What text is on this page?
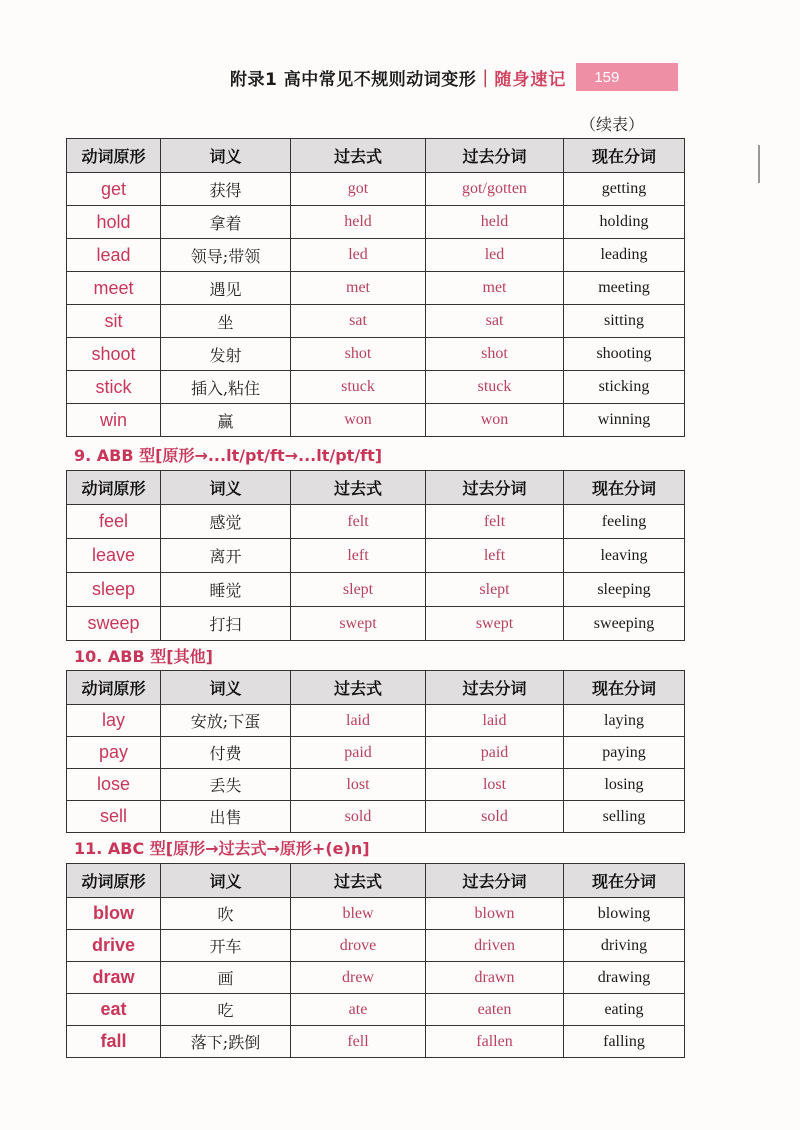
附录1 高中常见不规则动词变形 | 随身速记 159
（续表）
动词原形	词义	过去式	过去分词	现在分词
get	获得	got	got/gotten	getting
hold	拿着	held	held	holding
lead	领导;带领	led	led	leading
meet	遇见	met	met	meeting
sit	坐	sat	sat	sitting
shoot	发射	shot	shot	shooting
stick	插入,粘住	stuck	stuck	sticking
win	赢	won	won	winning
9. ABB 型[原形→...lt/pt/ft→...lt/pt/ft]
动词原形	词义	过去式	过去分词	现在分词
feel	感觉	felt	felt	feeling
leave	离开	left	left	leaving
sleep	睡觉	slept	slept	sleeping
sweep	打扫	swept	swept	sweeping
10. ABB 型[其他]
动词原形	词义	过去式	过去分词	现在分词
lay	安放;下蛋	laid	laid	laying
pay	付费	paid	paid	paying
lose	丢失	lost	lost	losing
sell	出售	sold	sold	selling
11. ABC 型[原形→过去式→原形+(e)n]
动词原形	词义	过去式	过去分词	现在分词
blow	吹	blew	blown	blowing
drive	开车	drove	driven	driving
draw	画	drew	drawn	drawing
eat	吃	ate	eaten	eating
fall	落下;跌倒	fell	fallen	falling
